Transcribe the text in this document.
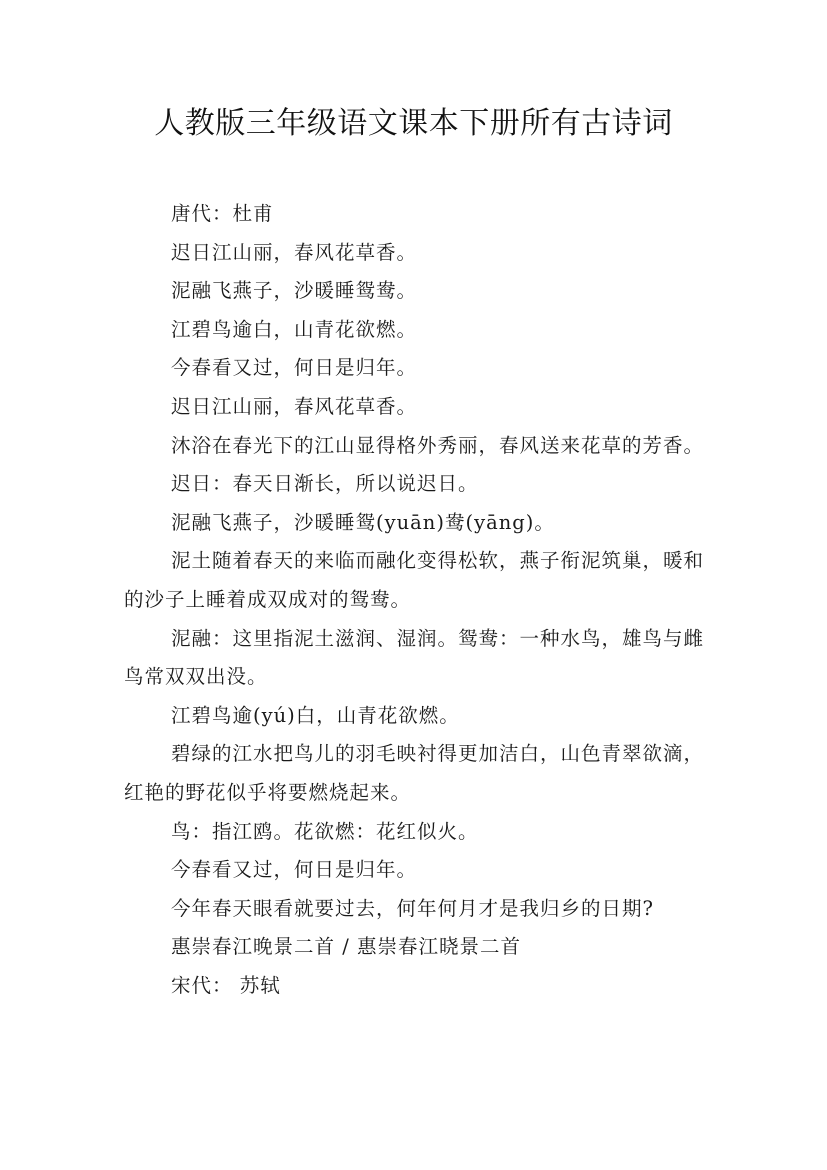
人教版三年级语文课本下册所有古诗词

唐代：杜甫

迟日江山丽，春风花草香。

泥融飞燕子，沙暖睡鸳鸯。

江碧鸟逾白，山青花欲燃。

今春看又过，何日是归年。

迟日江山丽，春风花草香。

沐浴在春光下的江山显得格外秀丽，春风送来花草的芳香。

迟日：春天日渐长，所以说迟日。

泥融飞燕子，沙暖睡鸳(yuān)鸯(yāng)。

泥土随着春天的来临而融化变得松软，燕子衔泥筑巢，暖和的沙子上睡着成双成对的鸳鸯。

泥融：这里指泥土滋润、湿润。鸳鸯：一种水鸟，雄鸟与雌鸟常双双出没。

江碧鸟逾(yú)白，山青花欲燃。

碧绿的江水把鸟儿的羽毛映衬得更加洁白，山色青翠欲滴，红艳的野花似乎将要燃烧起来。

鸟：指江鸥。花欲燃：花红似火。

今春看又过，何日是归年。

今年春天眼看就要过去，何年何月才是我归乡的日期?

惠崇春江晚景二首 / 惠崇春江晓景二首

宋代： 苏轼
